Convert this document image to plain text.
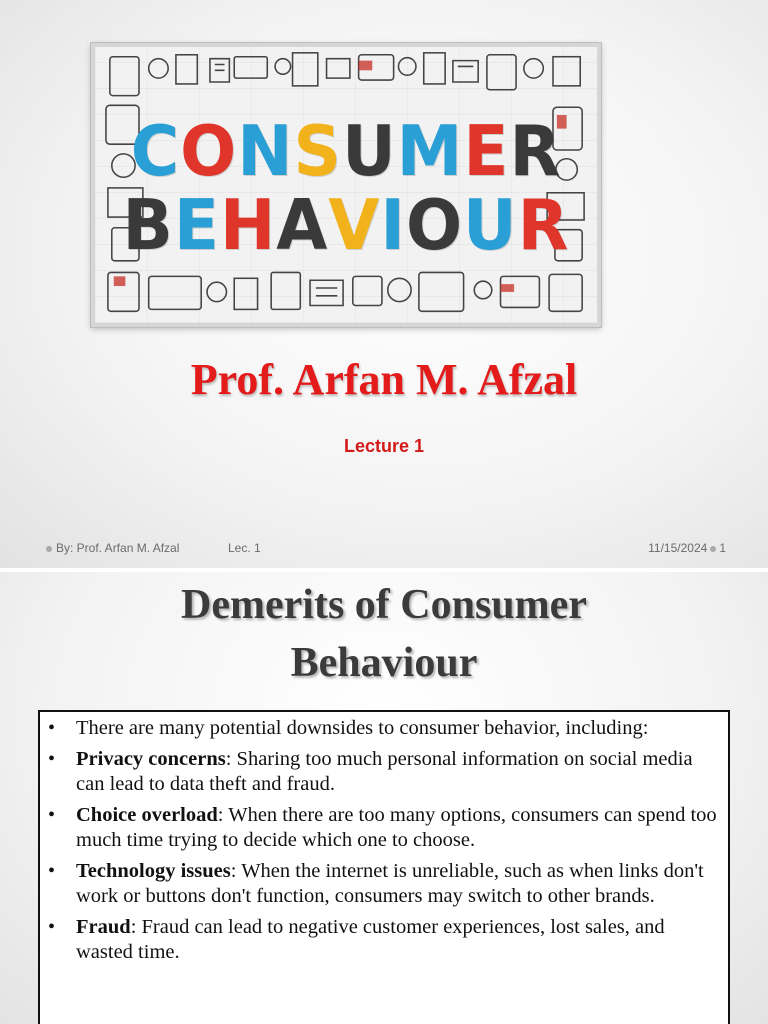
CONSUMER
BEHAVIOUR
Prof. Arfan M. Afzal
Lecture 1
By: Prof. Arfan M. Afzal	Lec. 1	11/15/2024 1
Demerits of Consumer
Behaviour
• There are many potential downsides to consumer behavior, including:
• Privacy concerns: Sharing too much personal information on social media can lead to data theft and fraud.
• Choice overload: When there are too many options, consumers can spend too much time trying to decide which one to choose.
• Technology issues: When the internet is unreliable, such as when links don't work or buttons don't function, consumers may switch to other brands.
• Fraud: Fraud can lead to negative customer experiences, lost sales, and wasted time.
